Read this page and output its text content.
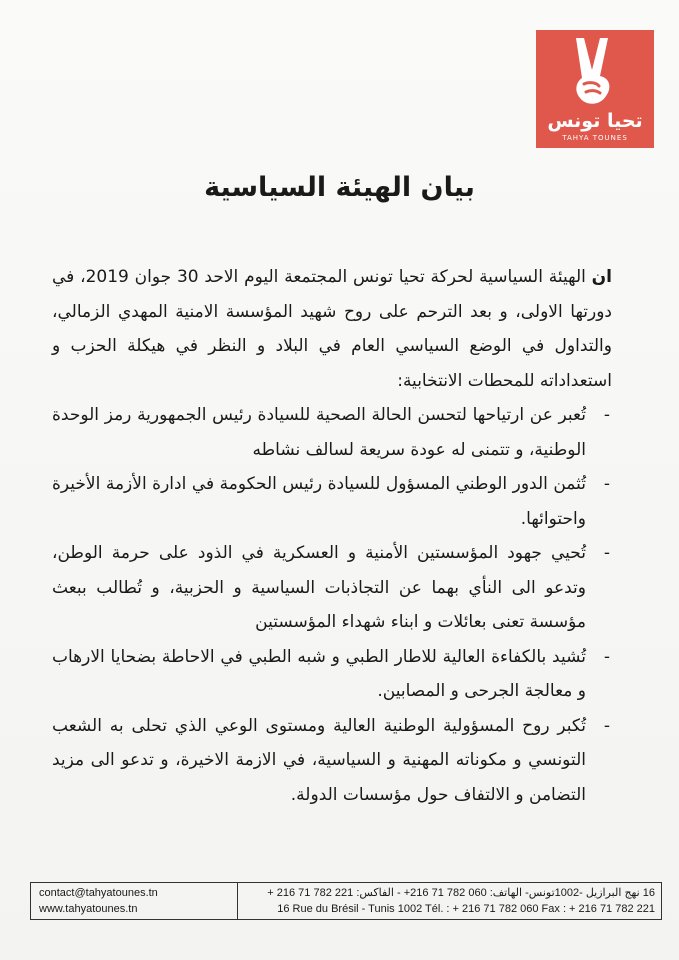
تحيا تونس
TAHYA TOUNES
بيان الهيئة السياسية

ان الهيئة السياسية لحركة تحيا تونس المجتمعة اليوم الاحد 30 جوان 2019، في دورتها الاولى، و بعد الترحم على روح شهيد المؤسسة الامنية المهدي الزمالي، والتداول في الوضع السياسي العام في البلاد و النظر في هيكلة الحزب و استعداداته للمحطات الانتخابية:

-
تُعبر عن ارتياحها لتحسن الحالة الصحية للسيادة رئيس الجمهورية رمز الوحدة الوطنية، و تتمنى له عودة سريعة لسالف نشاطه
-
تُثمن الدور الوطني المسؤول للسيادة رئيس الحكومة في ادارة الأزمة الأخيرة واحتوائها.
-
تُحيي جهود المؤسستين الأمنية و العسكرية في الذود على حرمة الوطن، وتدعو الى النأي بهما عن التجاذبات السياسية و الحزبية، و تُطالب ببعث مؤسسة تعنى بعائلات و ابناء شهداء المؤسستين
-
تُشيد بالكفاءة العالية للاطار الطبي و شبه الطبي في الاحاطة بضحايا الارهاب و معالجة الجرحى و المصابين.
-
تُكبر روح المسؤولية الوطنية العالية ومستوى الوعي الذي تحلى به الشعب التونسي و مكوناته المهنية و السياسية، في الازمة الاخيرة، و تدعو الى مزيد التضامن و الالتفاف حول مؤسسات الدولة.
contact@tahyatounes.tn
www.tahyatounes.tn
16 نهج البرازيل -1002تونس- الهاتف: 060 782 71 216+ - الفاكس: 221 782 71 216 +
16 Rue du Brésil - Tunis 1002 Tél. : + 216 71 782 060 Fax : + 216 71 782 221
